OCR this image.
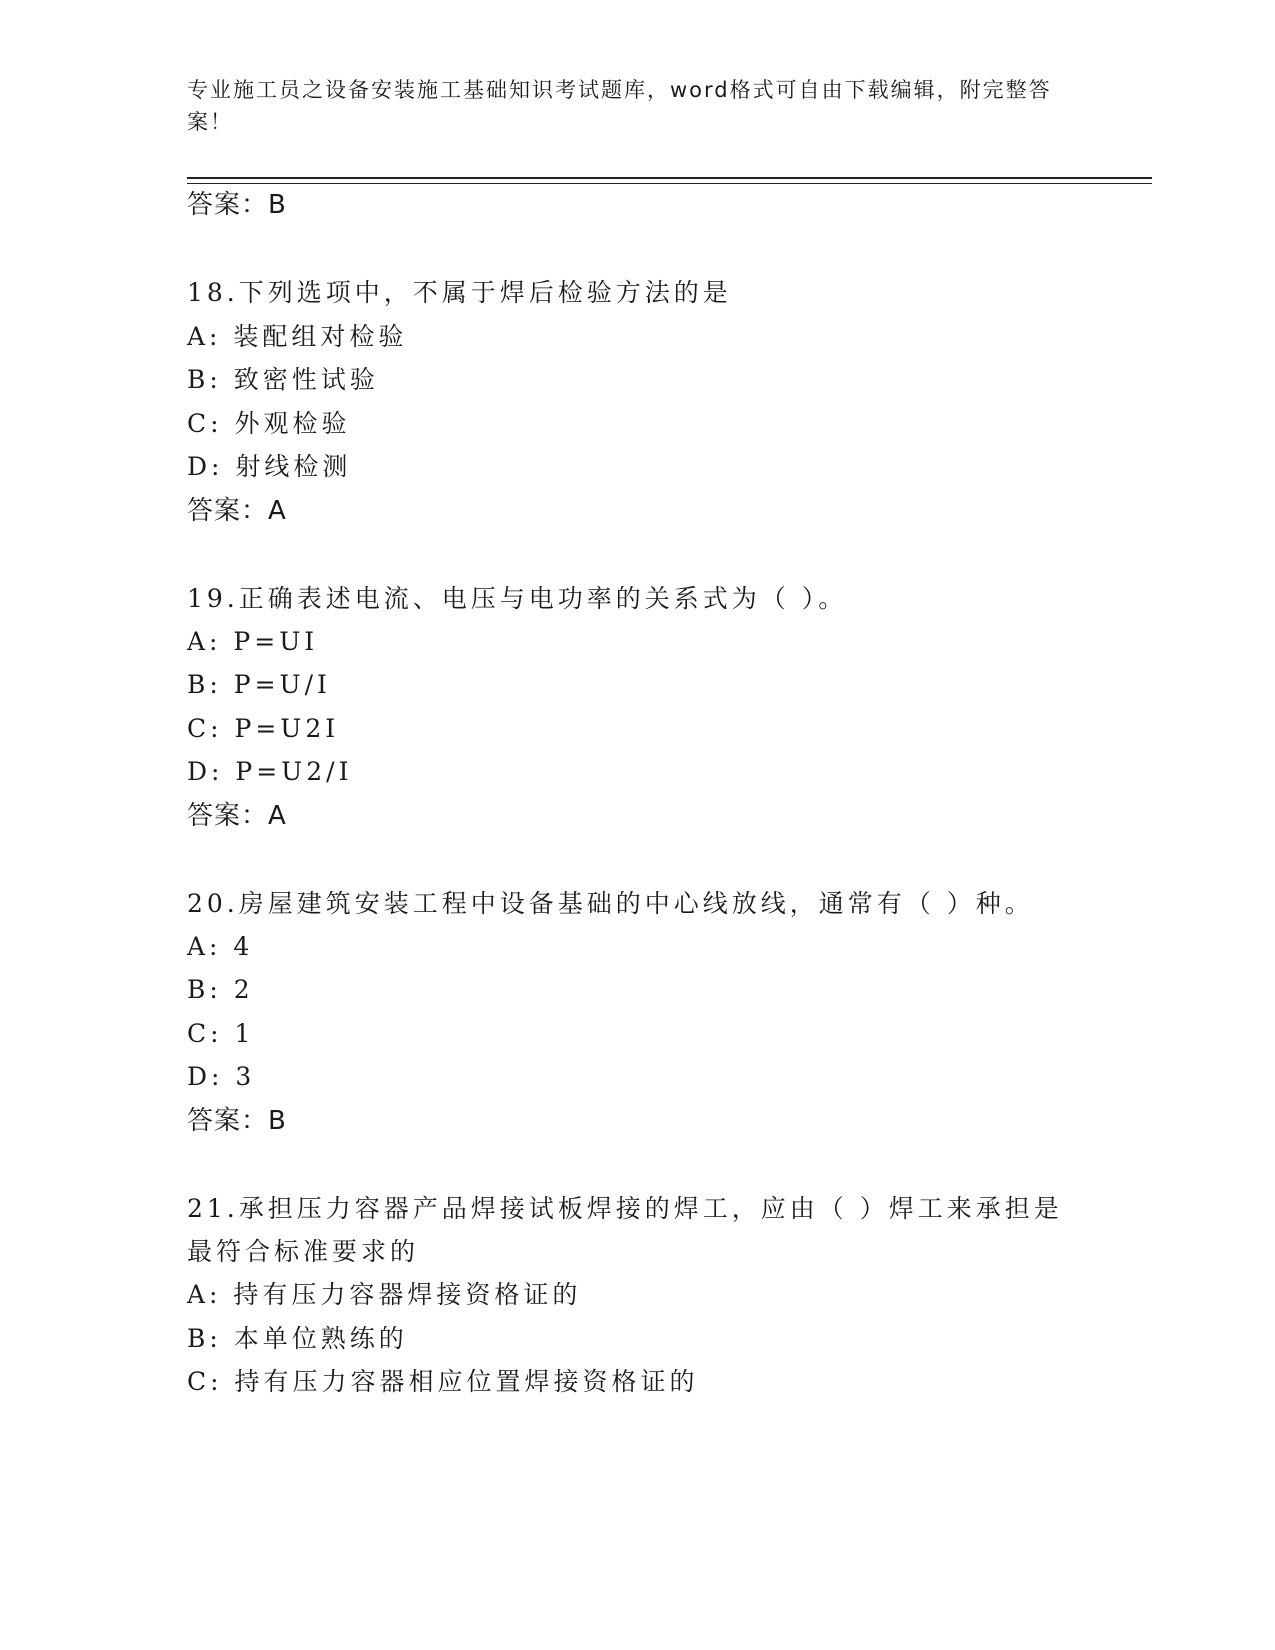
专业施工员之设备安装施工基础知识考试题库，word格式可自由下载编辑，附完整答案！
答案：B
18.下列选项中，不属于焊后检验方法的是
A: 装配组对检验
B: 致密性试验
C: 外观检验
D: 射线检测
答案：A
19.正确表述电流、电压与电功率的关系式为（ ）。
A: P=UI
B: P=U/I
C: P=U2I
D: P=U2/I
答案：A
20.房屋建筑安装工程中设备基础的中心线放线，通常有（ ）种。
A: 4
B: 2
C: 1
D: 3
答案：B
21.承担压力容器产品焊接试板焊接的焊工，应由（ ）焊工来承担是
最符合标准要求的
A: 持有压力容器焊接资格证的
B: 本单位熟练的
C: 持有压力容器相应位置焊接资格证的
